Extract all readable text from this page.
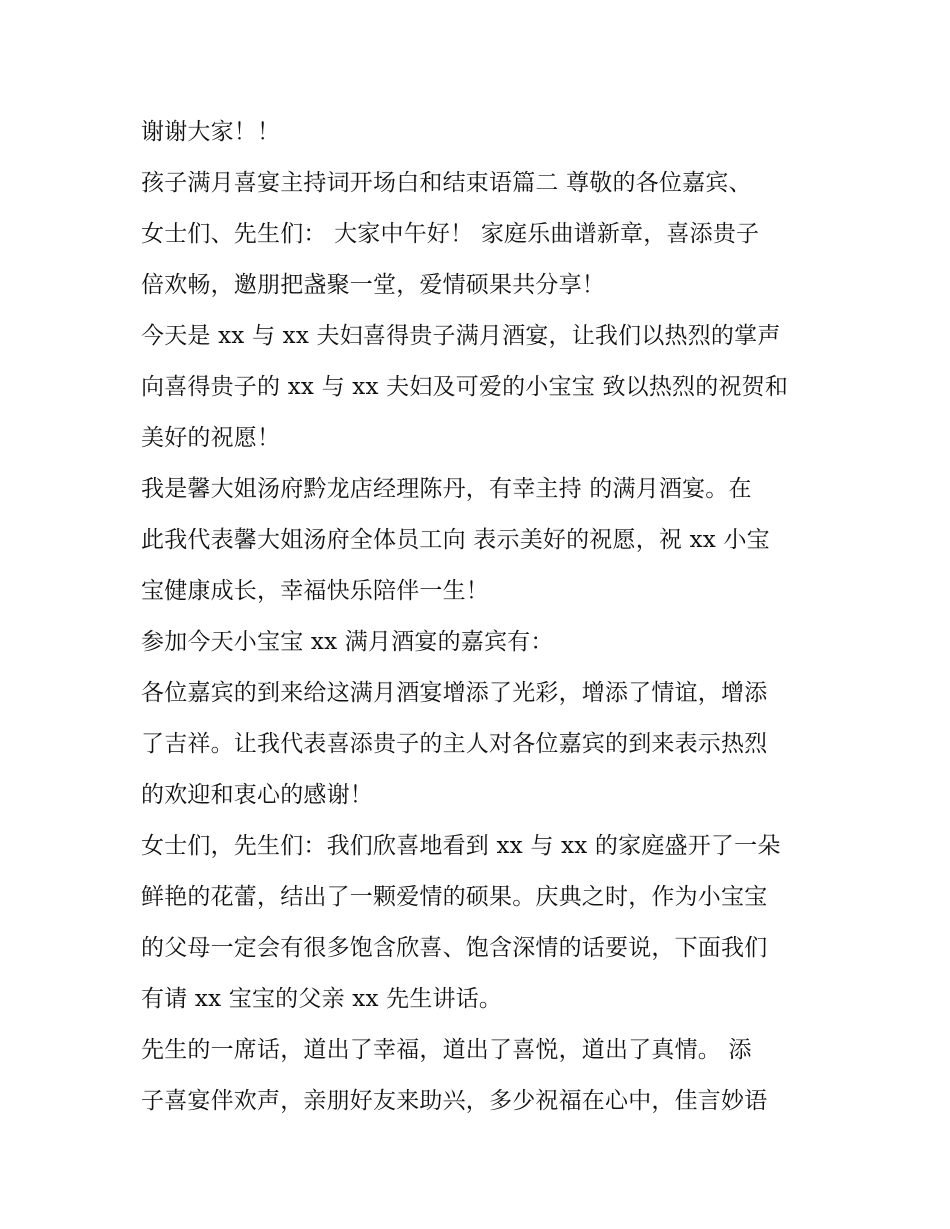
谢谢大家！！
孩子满月喜宴主持词开场白和结束语篇二 尊敬的各位嘉宾、
女士们、先生们： 大家中午好！ 家庭乐曲谱新章，喜添贵子
倍欢畅，邀朋把盏聚一堂，爱情硕果共分享！
今天是 xx 与 xx 夫妇喜得贵子满月酒宴，让我们以热烈的掌声
向喜得贵子的 xx 与 xx 夫妇及可爱的小宝宝 致以热烈的祝贺和
美好的祝愿！
我是馨大姐汤府黔龙店经理陈丹，有幸主持 的满月酒宴。在
此我代表馨大姐汤府全体员工向 表示美好的祝愿，祝 xx 小宝
宝健康成长，幸福快乐陪伴一生！
参加今天小宝宝 xx 满月酒宴的嘉宾有：
各位嘉宾的到来给这满月酒宴增添了光彩，增添了情谊，增添
了吉祥。让我代表喜添贵子的主人对各位嘉宾的到来表示热烈
的欢迎和衷心的感谢！
女士们，先生们：我们欣喜地看到 xx 与 xx 的家庭盛开了一朵
鲜艳的花蕾，结出了一颗爱情的硕果。庆典之时，作为小宝宝
的父母一定会有很多饱含欣喜、饱含深情的话要说，下面我们
有请 xx 宝宝的父亲 xx 先生讲话。
先生的一席话，道出了幸福，道出了喜悦，道出了真情。 添
子喜宴伴欢声，亲朋好友来助兴，多少祝福在心中，佳言妙语
